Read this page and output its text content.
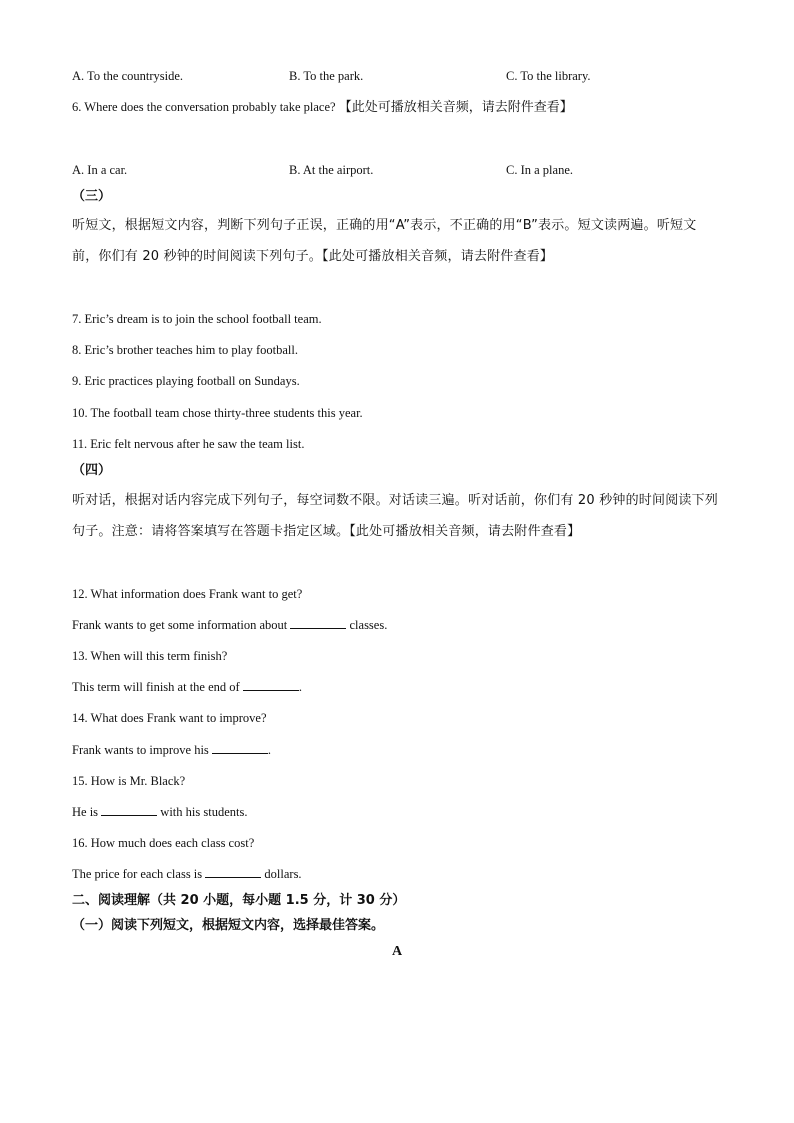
A. To the countryside.	B. To the park.	C. To the library.
6. Where does the conversation probably take place? 【此处可播放相关音频，请去附件查看】
A. In a car.	B. At the airport.	C. In a plane.
（三）
听短文，根据短文内容，判断下列句子正误，正确的用“A”表示，不正确的用“B”表示。短文读两遍。听短文前，你们有 20 秒钟的时间阅读下列句子。【此处可播放相关音频，请去附件查看】
7. Eric’s dream is to join the school football team.
8. Eric’s brother teaches him to play football.
9. Eric practices playing football on Sundays.
10. The football team chose thirty-three students this year.
11. Eric felt nervous after he saw the team list.
（四）
听对话，根据对话内容完成下列句子，每空词数不限。对话读三遍。听对话前，你们有 20 秒钟的时间阅读下列句子。注意：请将答案填写在答题卡指定区域。【此处可播放相关音频，请去附件查看】
12. What information does Frank want to get?
Frank wants to get some information about	classes.
13. When will this term finish?
This term will finish at the end of	.
14. What does Frank want to improve?
Frank wants to improve his	.
15. How is Mr. Black?
He is	with his students.
16. How much does each class cost?
The price for each class is	dollars.
二、阅读理解（共 20 小题，每小题 1.5 分，计 30 分）
（一）阅读下列短文，根据短文内容，选择最佳答案。
A
